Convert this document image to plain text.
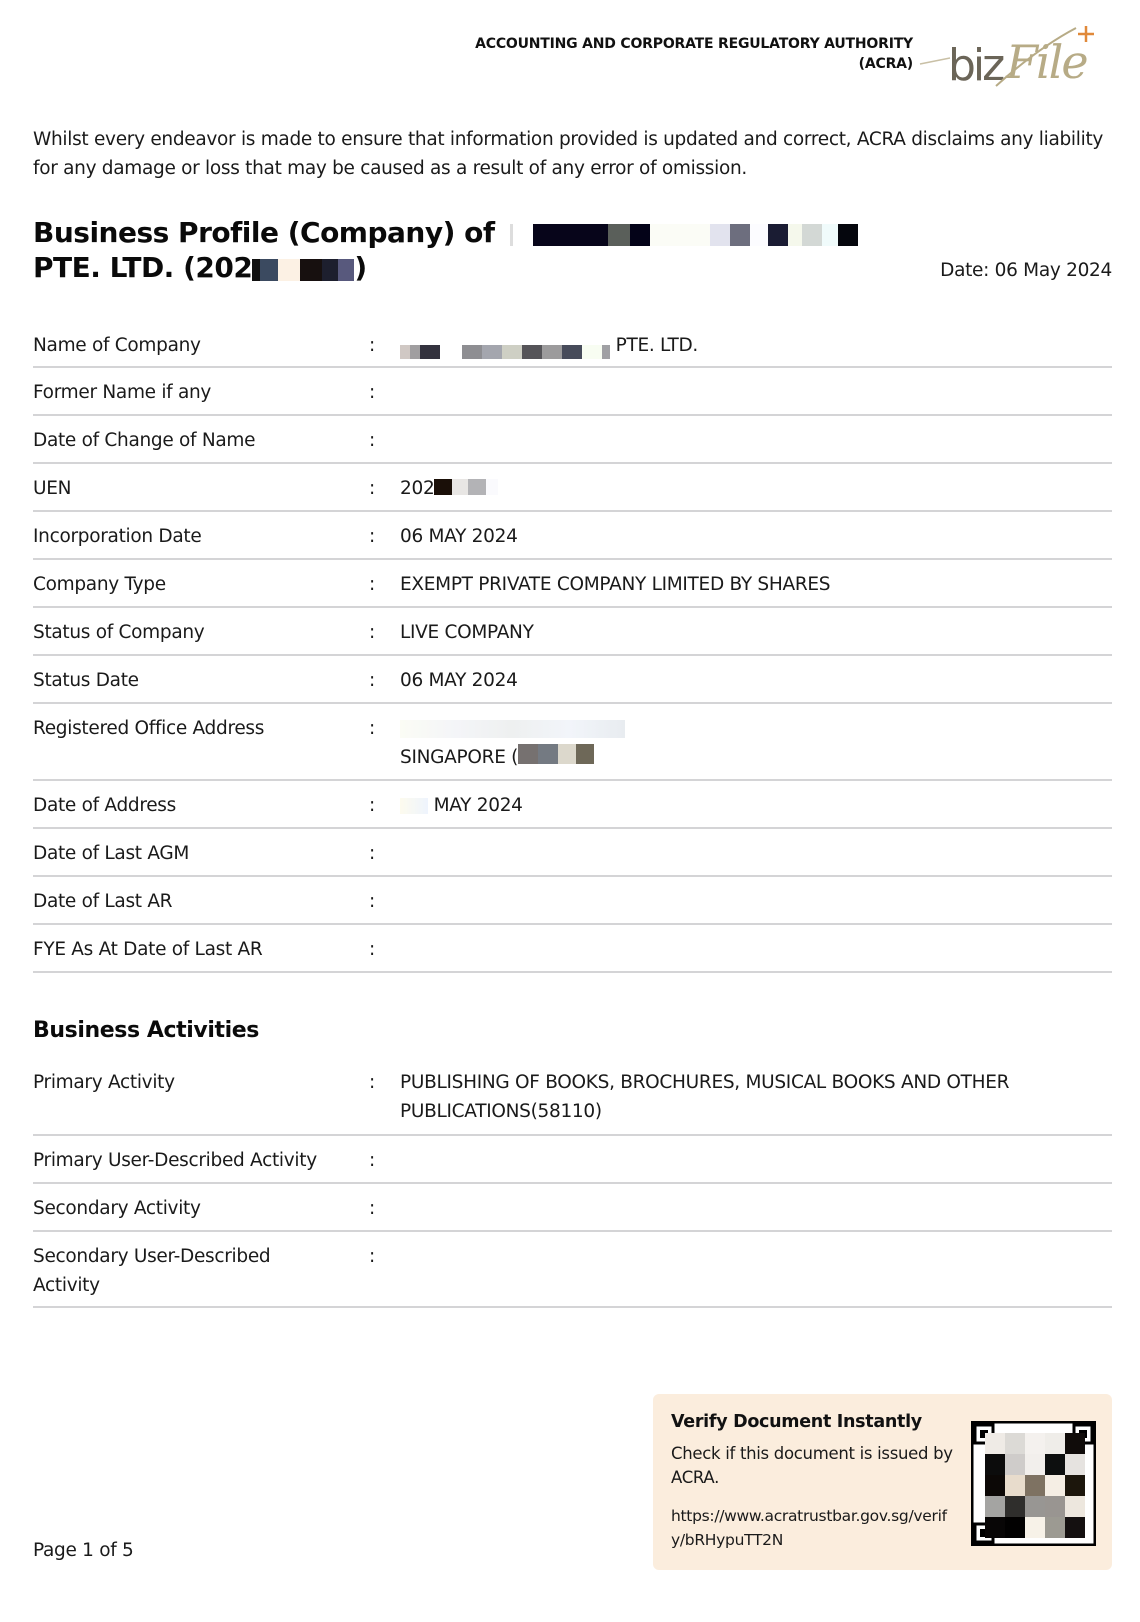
ACCOUNTING AND CORPORATE REGULATORY AUTHORITY
(ACRA) biz File
Whilst every endeavor is made to ensure that information provided is updated and correct, ACRA disclaims any liability for any damage or loss that may be caused as a result of any error of omission.
Business Profile (Company) of
PTE. LTD. (202	)	Date: 06 May 2024
Name of Company	:	PTE. LTD.
Former Name if any	:
Date of Change of Name	:
UEN	: 202
Incorporation Date	: 06 MAY 2024
Company Type	: EXEMPT PRIVATE COMPANY LIMITED BY SHARES
Status of Company	: LIVE COMPANY
Status Date	: 06 MAY 2024
Registered Office Address	:
SINGAPORE (
Date of Address	:	MAY 2024
Date of Last AGM	:
Date of Last AR	:
FYE As At Date of Last AR	:
Business Activities
Primary Activity	: PUBLISHING OF BOOKS, BROCHURES, MUSICAL BOOKS AND OTHER PUBLICATIONS(58110)
Primary User-Described Activity	:
Secondary Activity	:
Secondary User-Described Activity
:
Page 1 of 5
Verify Document Instantly
Check if this document is issued by ACRA.
https://www.acratrustbar.gov.sg/verify/bRHypuTT2N
